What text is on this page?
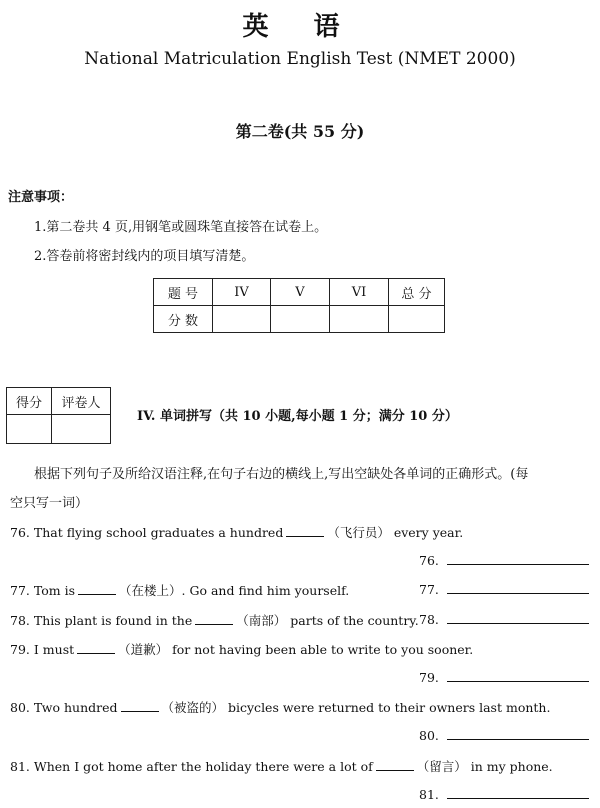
英 语
National Matriculation English Test (NMET 2000)
第二卷(共 55 分)
注意事项：
1.第二卷共 4 页,用钢笔或圆珠笔直接答在试卷上。
2.答卷前将密封线内的项目填写清楚。
题 号	IV	V	VI	总 分
分 数				
得分	评卷人

IV. 单词拼写（共 10 小题,每小题 1 分；满分 10 分）
根据下列句子及所给汉语注释,在句子右边的横线上,写出空缺处各单词的正确形式。(每
空只写一词）
76. That flying school graduates a hundred	（飞行员） every year.
76.
77. Tom is	（在楼上）. Go and find him yourself.	77.
78. This plant is found in the	（南部） parts of the country. 78.
79. I must	（道歉） for not having been able to write to you sooner.
79.
80. Two hundred	（被盗的） bicycles were returned to their owners last month.
80.
81. When I got home after the holiday there were a lot of	（留言） in my phone.
81.
